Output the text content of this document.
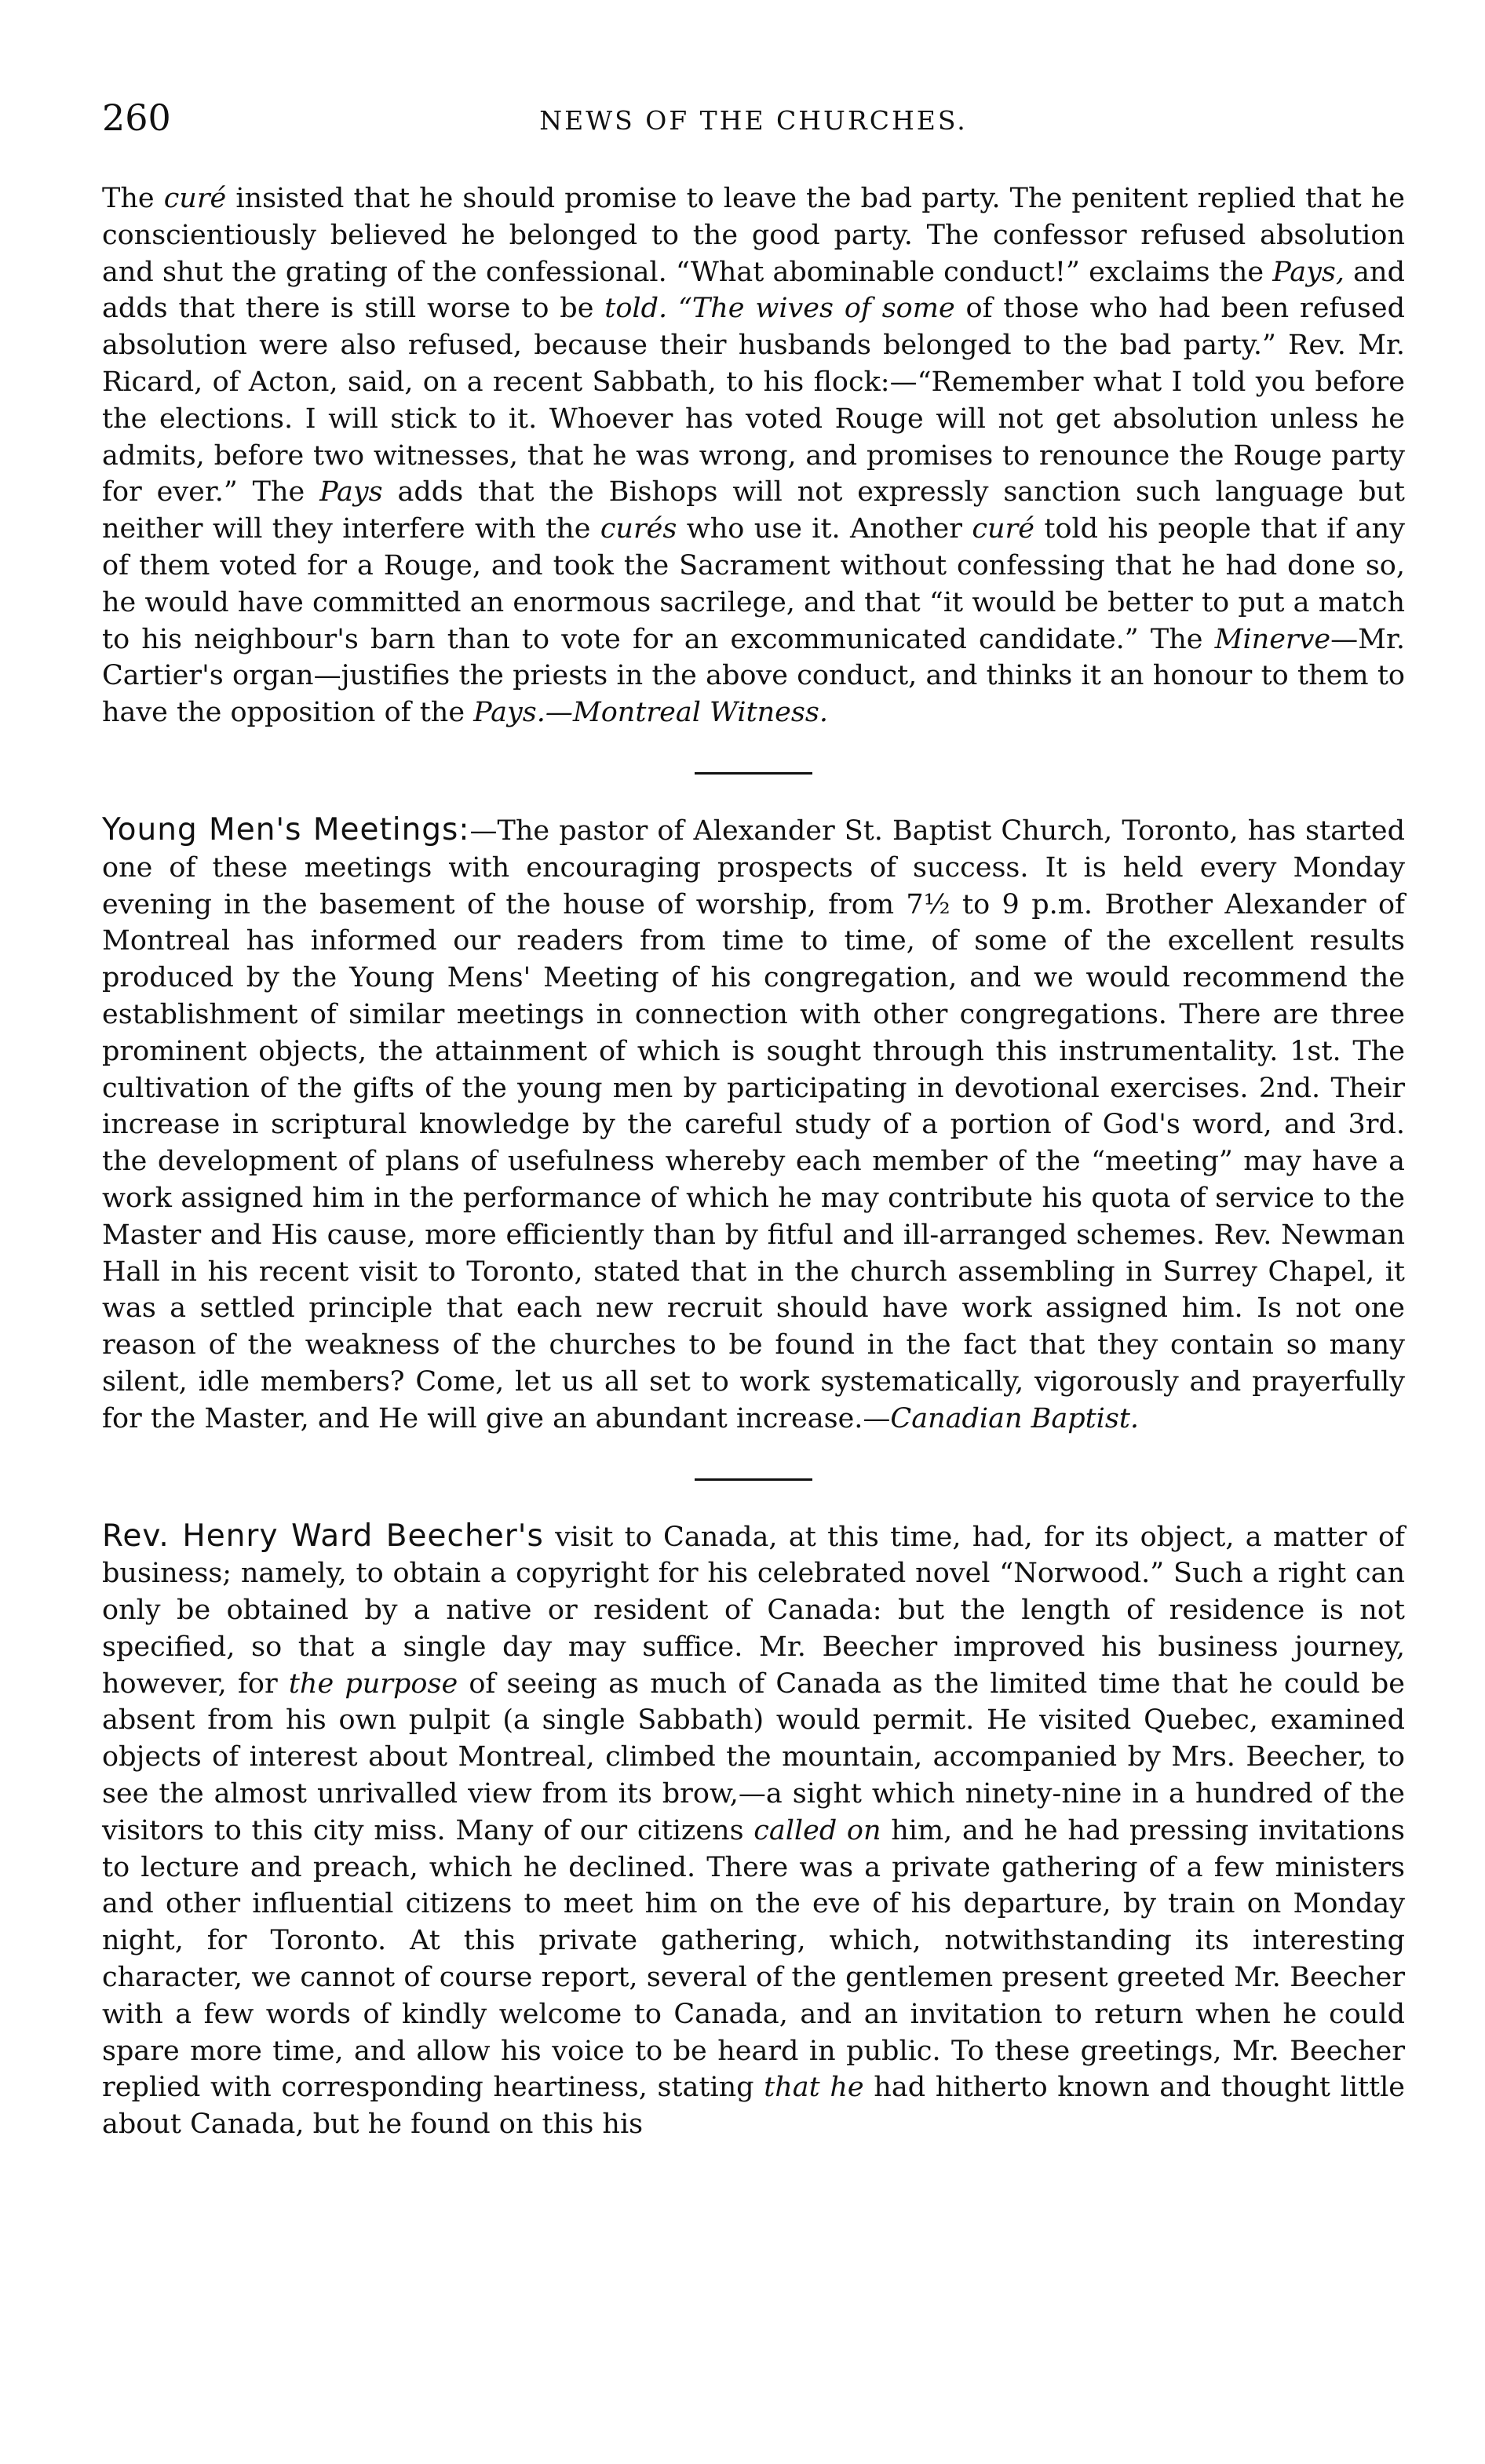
260	NEWS OF THE CHURCHES.

The curé insisted that he should promise to leave the bad party. The penitent replied that he conscientiously believed he belonged to the good party. The confessor refused absolution and shut the grating of the confessional. “What abominable conduct!” exclaims the Pays, and adds that there is still worse to be told. “The wives of some of those who had been refused absolution were also refused, because their husbands belonged to the bad party.” Rev. Mr. Ricard, of Acton, said, on a recent Sabbath, to his flock:—“Remember what I told you before the elections. I will stick to it. Whoever has voted Rouge will not get absolution unless he admits, before two witnesses, that he was wrong, and promises to renounce the Rouge party for ever.” The Pays adds that the Bishops will not expressly sanction such language but neither will they interfere with the curés who use it. Another curé told his people that if any of them voted for a Rouge, and took the Sacrament without confessing that he had done so, he would have committed an enormous sacrilege, and that “it would be better to put a match to his neighbour's barn than to vote for an excommunicated candidate.” The Minerve—Mr. Cartier's organ—justifies the priests in the above conduct, and thinks it an honour to them to have the opposition of the Pays.—Montreal Witness.

Young Men's Meetings:—The pastor of Alexander St. Baptist Church, Toronto, has started one of these meetings with encouraging prospects of success. It is held every Monday evening in the basement of the house of worship, from 7½ to 9 p.m. Brother Alexander of Montreal has informed our readers from time to time, of some of the excellent results produced by the Young Mens' Meeting of his congregation, and we would recommend the establishment of similar meetings in connection with other congregations. There are three prominent objects, the attainment of which is sought through this instrumentality. 1st. The cultivation of the gifts of the young men by participating in devotional exercises. 2nd. Their increase in scriptural knowledge by the careful study of a portion of God's word, and 3rd. the development of plans of usefulness whereby each member of the “meeting” may have a work assigned him in the performance of which he may contribute his quota of service to the Master and His cause, more efficiently than by fitful and ill-arranged schemes. Rev. Newman Hall in his recent visit to Toronto, stated that in the church assembling in Surrey Chapel, it was a settled principle that each new recruit should have work assigned him. Is not one reason of the weakness of the churches to be found in the fact that they contain so many silent, idle members? Come, let us all set to work systematically, vigorously and prayerfully for the Master, and He will give an abundant increase.—Canadian Baptist.

Rev. Henry Ward Beecher's visit to Canada, at this time, had, for its object, a matter of business; namely, to obtain a copyright for his celebrated novel “Norwood.” Such a right can only be obtained by a native or resident of Canada: but the length of residence is not specified, so that a single day may suffice. Mr. Beecher improved his business journey, however, for the purpose of seeing as much of Canada as the limited time that he could be absent from his own pulpit (a single Sabbath) would permit. He visited Quebec, examined objects of interest about Montreal, climbed the mountain, accompanied by Mrs. Beecher, to see the almost unrivalled view from its brow,—a sight which ninety-nine in a hundred of the visitors to this city miss. Many of our citizens called on him, and he had pressing invitations to lecture and preach, which he declined. There was a private gathering of a few ministers and other influential citizens to meet him on the eve of his departure, by train on Monday night, for Toronto. At this private gathering, which, notwithstanding its interesting character, we cannot of course report, several of the gentlemen present greeted Mr. Beecher with a few words of kindly welcome to Canada, and an invitation to return when he could spare more time, and allow his voice to be heard in public. To these greetings, Mr. Beecher replied with corresponding heartiness, stating that he had hitherto known and thought little about Canada, but he found on this his
